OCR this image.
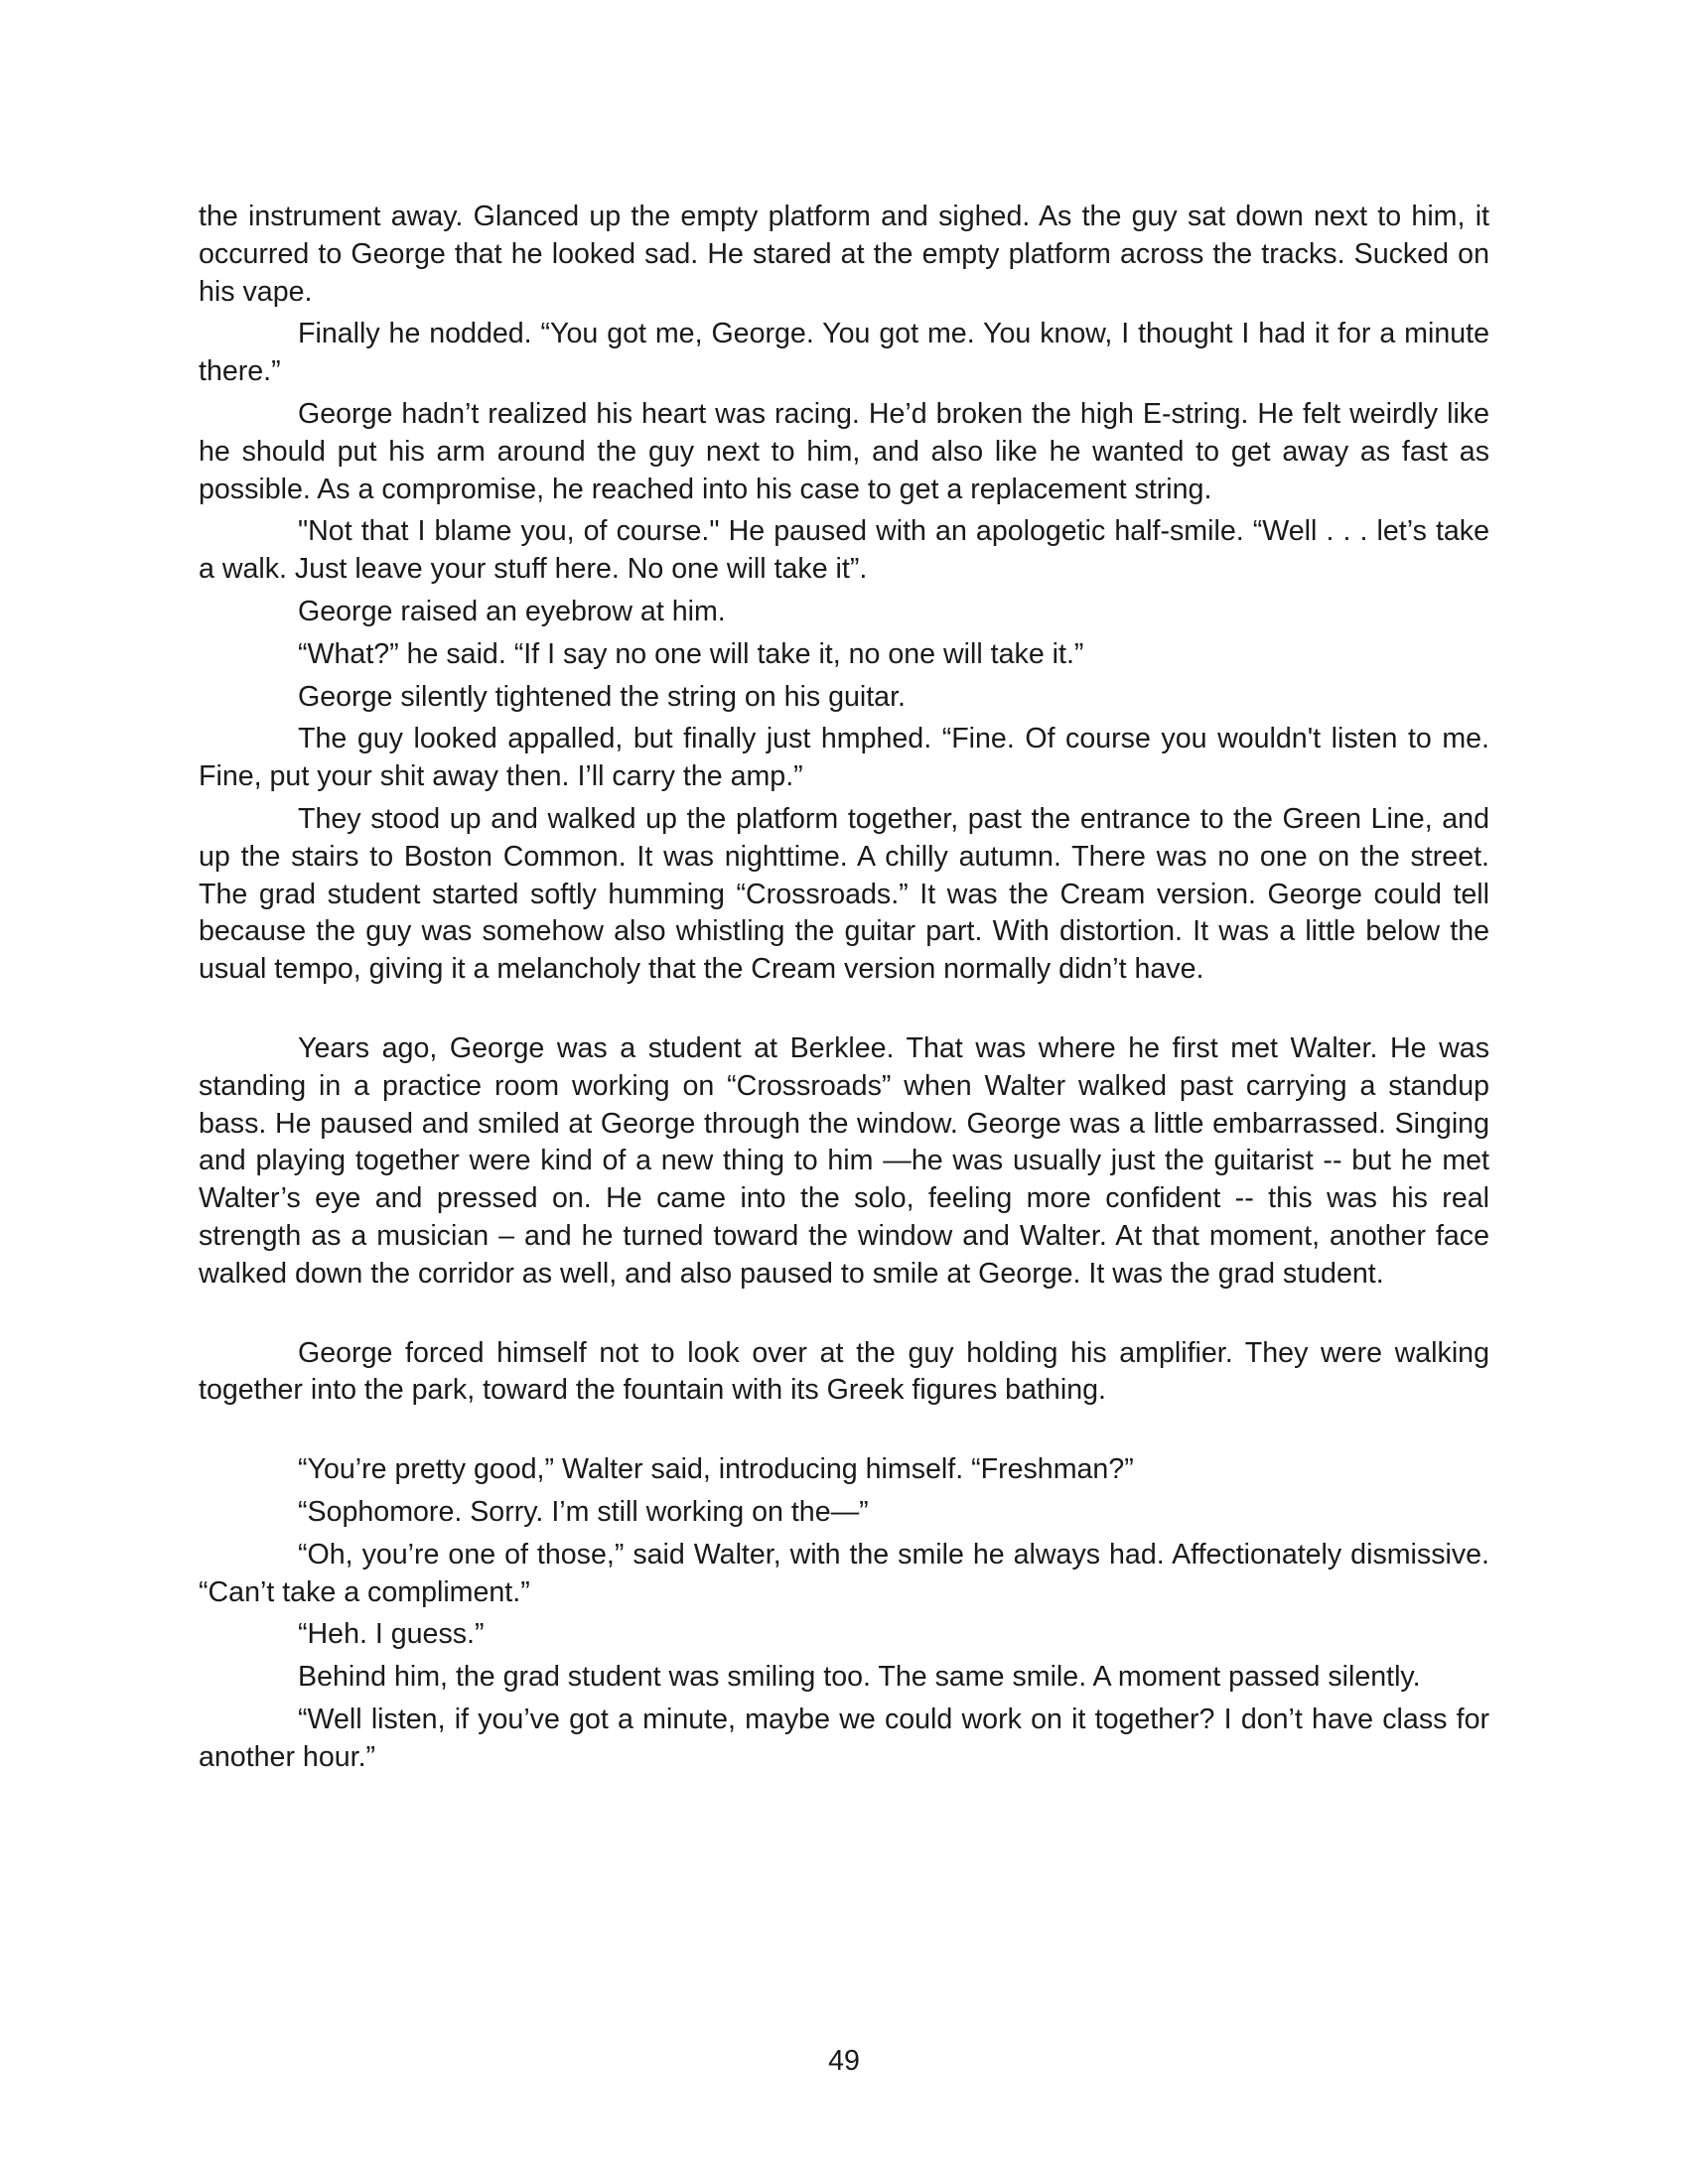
the instrument away. Glanced up the empty platform and sighed. As the guy sat down next to him, it occurred to George that he looked sad. He stared at the empty platform across the tracks. Sucked on his vape.

Finally he nodded. “You got me, George. You got me. You know, I thought I had it for a minute there.”

George hadn’t realized his heart was racing. He’d broken the high E-string. He felt weirdly like he should put his arm around the guy next to him, and also like he wanted to get away as fast as possible. As a compromise, he reached into his case to get a replacement string.

"Not that I blame you, of course." He paused with an apologetic half-smile. “Well . . . let’s take a walk. Just leave your stuff here. No one will take it”.

George raised an eyebrow at him.

“What?” he said. “If I say no one will take it, no one will take it.”

George silently tightened the string on his guitar.

The guy looked appalled, but finally just hmphed. “Fine. Of course you wouldn't listen to me. Fine, put your shit away then. I’ll carry the amp.”

They stood up and walked up the platform together, past the entrance to the Green Line, and up the stairs to Boston Common. It was nighttime. A chilly autumn. There was no one on the street. The grad student started softly humming “Crossroads.” It was the Cream version. George could tell because the guy was somehow also whistling the guitar part. With distortion. It was a little below the usual tempo, giving it a melancholy that the Cream version normally didn’t have.

Years ago, George was a student at Berklee. That was where he first met Walter. He was standing in a practice room working on “Crossroads” when Walter walked past carrying a standup bass. He paused and smiled at George through the window. George was a little embarrassed. Singing and playing together were kind of a new thing to him —he was usually just the guitarist -- but he met Walter’s eye and pressed on. He came into the solo, feeling more confident -- this was his real strength as a musician – and he turned toward the window and Walter. At that moment, another face walked down the corridor as well, and also paused to smile at George. It was the grad student.

George forced himself not to look over at the guy holding his amplifier. They were walking together into the park, toward the fountain with its Greek figures bathing.

“You’re pretty good,” Walter said, introducing himself. “Freshman?”

“Sophomore. Sorry. I’m still working on the—”

“Oh, you’re one of those,” said Walter, with the smile he always had. Affectionately dismissive. “Can’t take a compliment.”

“Heh. I guess.”

Behind him, the grad student was smiling too. The same smile. A moment passed silently.

“Well listen, if you’ve got a minute, maybe we could work on it together? I don’t have class for another hour.”

49
